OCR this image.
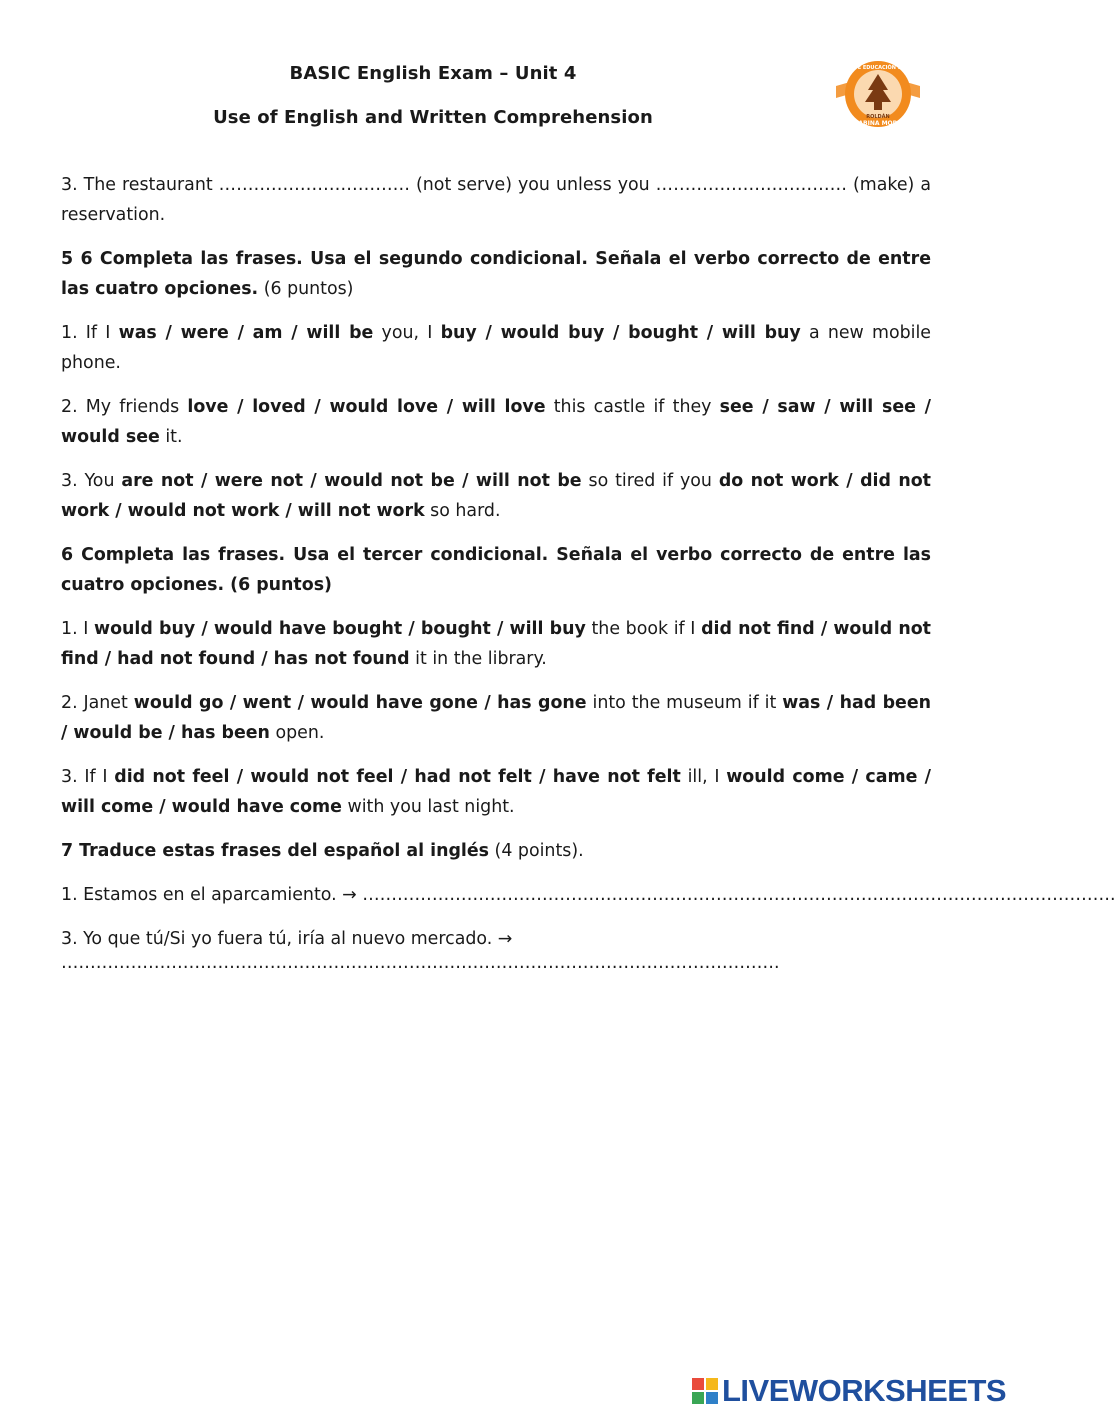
BASIC English Exam – Unit 4
Use of English and Written Comprehension
INSTITUTO DE EDUCACIÓN SECUNDARIA
ROLDÁN
SABINA MORA

3. The restaurant …………………………… (not serve) you unless you …………………………… (make) a reservation.

5 6 Completa las frases. Usa el segundo condicional. Señala el verbo correcto de entre las cuatro opciones. (6 puntos)

1. If I was / were / am / will be you, I buy / would buy / bought / will buy a new mobile phone.

2. My friends love / loved / would love / will love this castle if they see / saw / will see / would see it.

3. You are not / were not / would not be / will not be so tired if you do not work / did not work / would not work / will not work so hard.

6 Completa las frases. Usa el tercer condicional. Señala el verbo correcto de entre las cuatro opciones. (6 puntos)

1. I would buy / would have bought / bought / will buy the book if I did not find / would not find / had not found / has not found it in the library.

2. Janet would go / went / would have gone / has gone into the museum if it was / had been / would be / has been open.

3. If I did not feel / would not feel / had not felt / have not felt ill, I would come / came / will come / would have come with you last night.

7 Traduce estas frases del español al inglés (4 points).

1. Estamos en el aparcamiento. → ………………………………………………………………………………………………………………….

3. Yo que tú/Si yo fuera tú, iría al nuevo mercado. →

…………………………………………………………………………………………………………….

LIVEWORKSHEETS
